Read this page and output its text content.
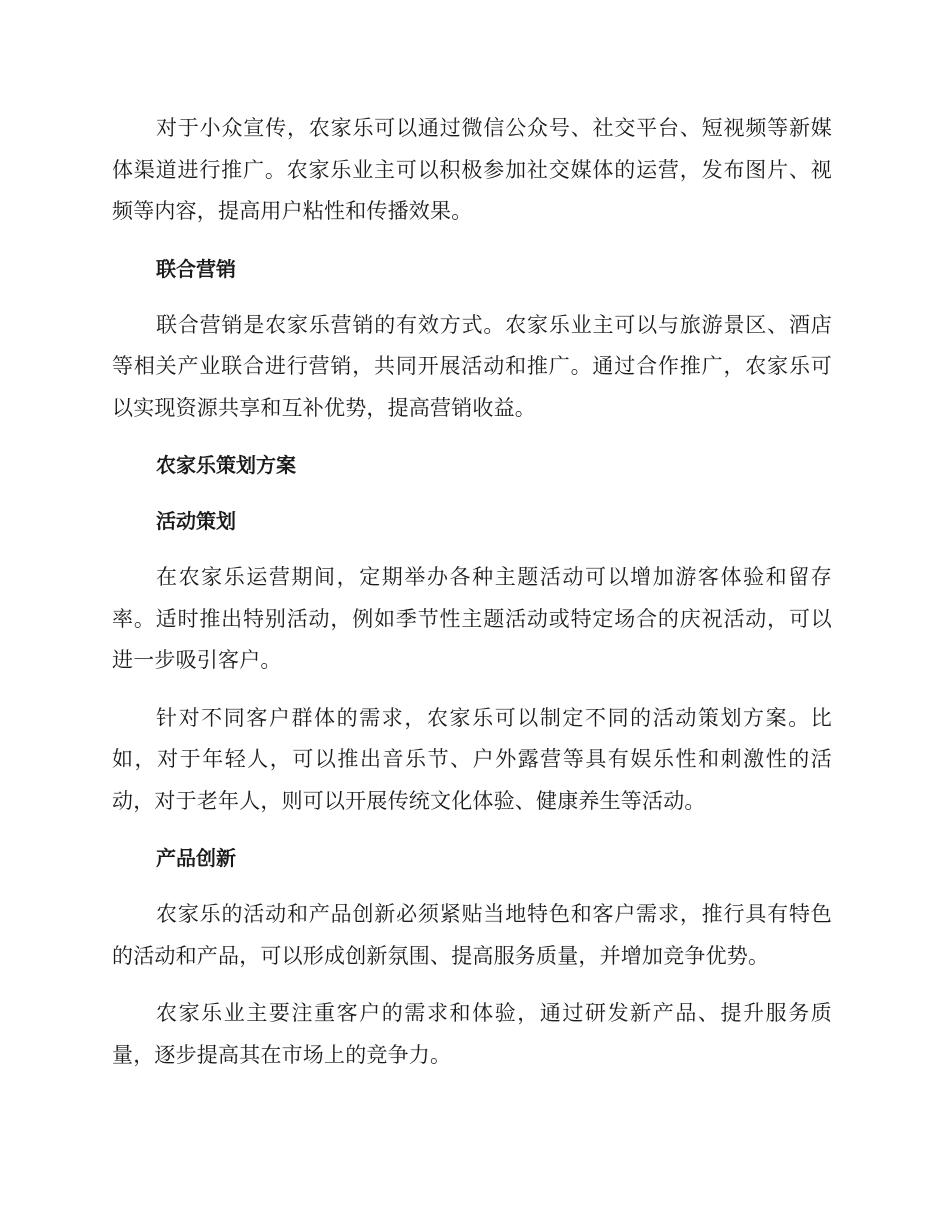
对于小众宣传，农家乐可以通过微信公众号、社交平台、短视频等新媒体渠道进行推广。农家乐业主可以积极参加社交媒体的运营，发布图片、视频等内容，提高用户粘性和传播效果。

联合营销

联合营销是农家乐营销的有效方式。农家乐业主可以与旅游景区、酒店等相关产业联合进行营销，共同开展活动和推广。通过合作推广，农家乐可以实现资源共享和互补优势，提高营销收益。

农家乐策划方案

活动策划

在农家乐运营期间，定期举办各种主题活动可以增加游客体验和留存率。适时推出特别活动，例如季节性主题活动或特定场合的庆祝活动，可以进一步吸引客户。

针对不同客户群体的需求，农家乐可以制定不同的活动策划方案。比如，对于年轻人，可以推出音乐节、户外露营等具有娱乐性和刺激性的活动，对于老年人，则可以开展传统文化体验、健康养生等活动。

产品创新

农家乐的活动和产品创新必须紧贴当地特色和客户需求，推行具有特色的活动和产品，可以形成创新氛围、提高服务质量，并增加竞争优势。

农家乐业主要注重客户的需求和体验，通过研发新产品、提升服务质量，逐步提高其在市场上的竞争力。
